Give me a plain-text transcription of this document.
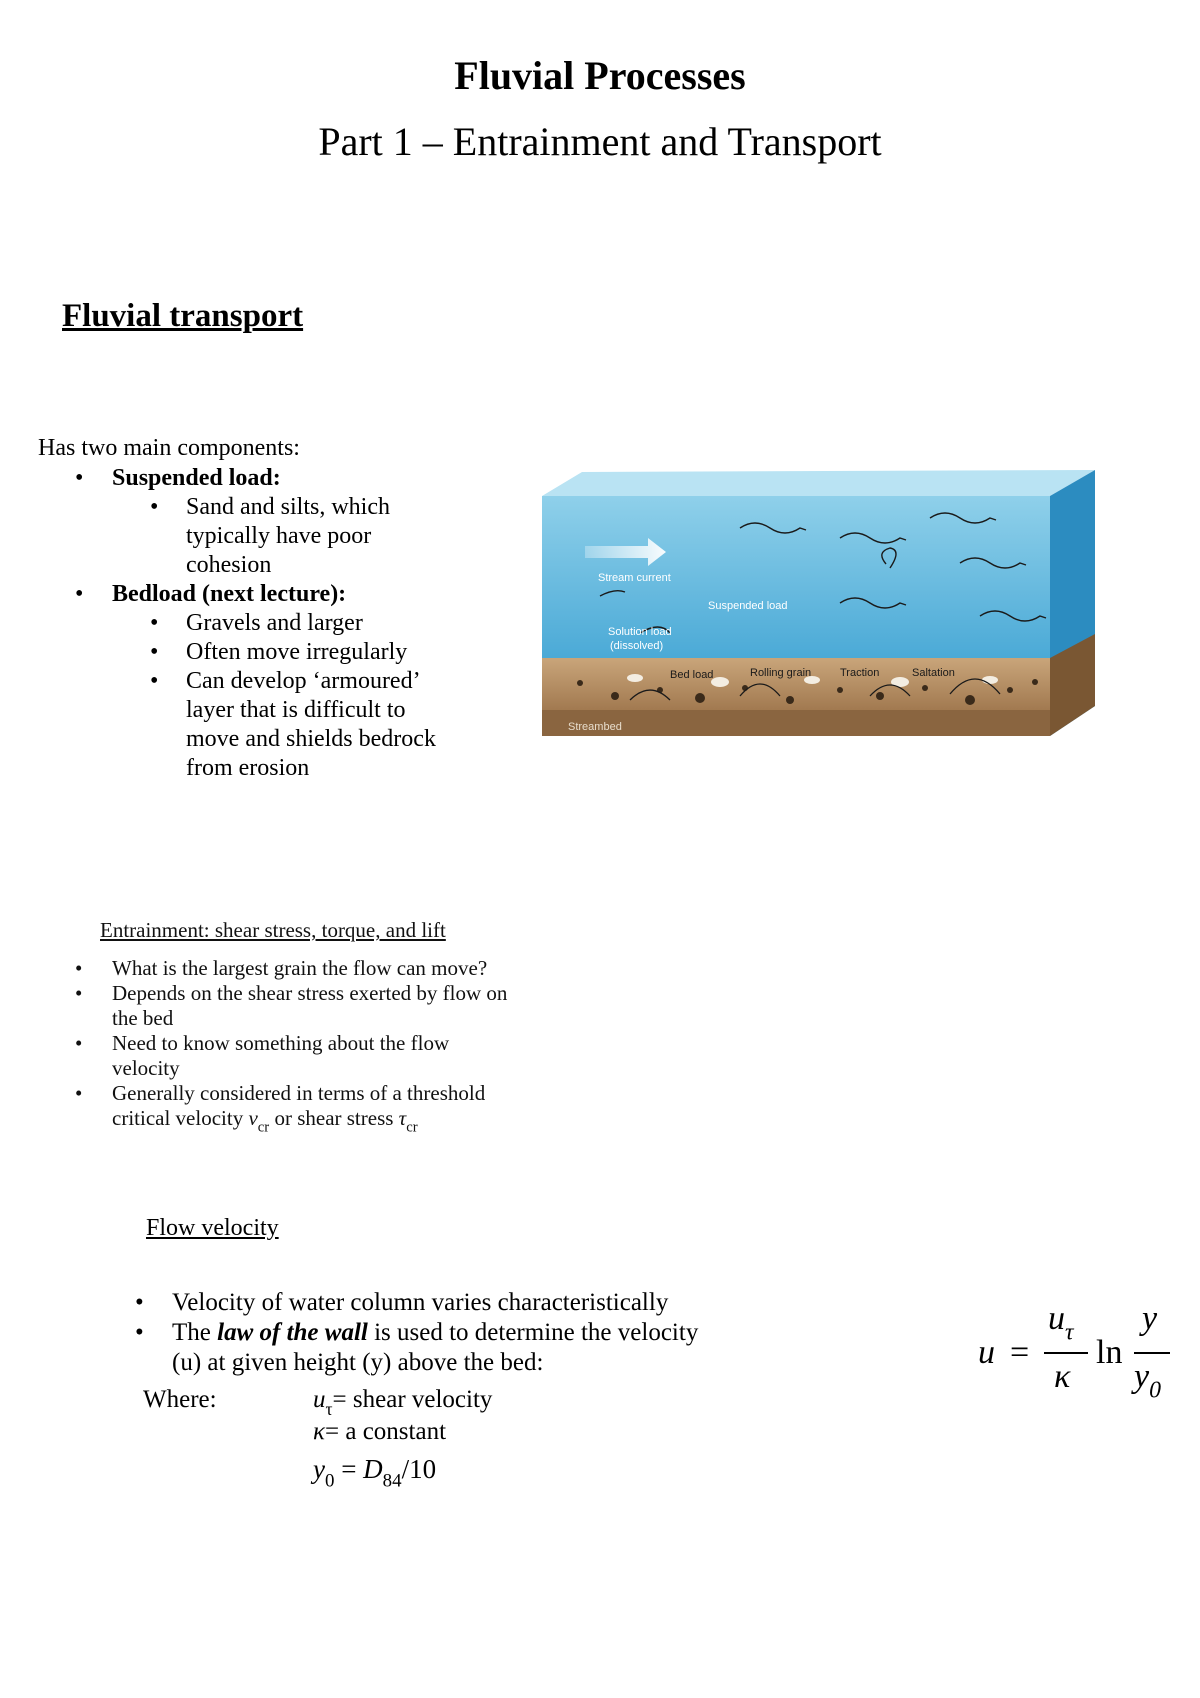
Fluvial Processes
Part 1 – Entrainment and Transport
Fluvial transport
Has two main components:
• Suspended load:
• Sand and silts, which
typically have poor
cohesion
• Bedload (next lecture):
• Gravels and larger
• Often move irregularly
• Can develop ‘armoured’
layer that is difficult to
move and shields bedrock
from erosion
Stream current
Suspended load
Solution load
(dissolved)
Bed load	Rolling grain	Traction	Saltation
Streambed
Entrainment: shear stress, torque, and lift
• What is the largest grain the flow can move?
• Depends on the shear stress exerted by flow on
the bed
• Need to know something about the flow
velocity
• Generally considered in terms of a threshold
critical velocity $v_{cr}$ or shear stress $\tau_{cr}$
Flow velocity
• Velocity of water column varies characteristically
• The law of the wall is used to determine the velocity
(u) at given height (y) above the bed:
Where:	$u_\tau=$ shear velocity
κ= a constant
$y_0 = D_{84}/10$
u =
$u_\tau$
κ
ln
y
$y_0$
